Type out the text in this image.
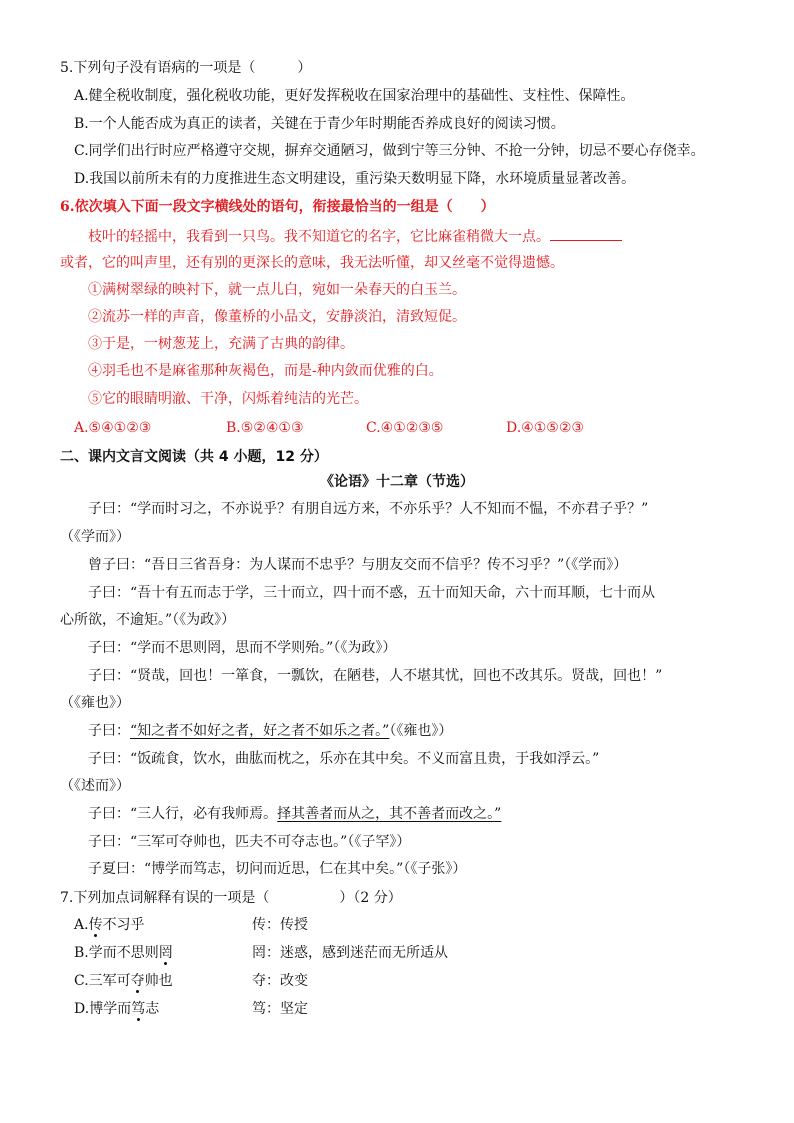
5.下列句子没有语病的一项是（　　　）
A.健全税收制度，强化税收功能，更好发挥税收在国家治理中的基础性、支柱性、保障性。
B.一个人能否成为真正的读者，关键在于青少年时期能否养成良好的阅读习惯。
C.同学们出行时应严格遵守交规，摒弃交通陋习，做到宁等三分钟、不抢一分钟，切忌不要心存侥幸。
D.我国以前所未有的力度推进生态文明建设，重污染天数明显下降，水环境质量显著改善。
6.依次填入下面一段文字横线处的语句，衔接最恰当的一组是（　　）
枝叶的轻摇中，我看到一只鸟。我不知道它的名字，它比麻雀稍微大一点。
或者，它的叫声里，还有别的更深长的意味，我无法听懂，却又丝毫不觉得遗憾。
①满树翠绿的映衬下，就一点儿白，宛如一朵春天的白玉兰。
②流苏一样的声音，像董桥的小品文，安静淡泊，清致短促。
③于是，一树葱茏上，充满了古典的韵律。
④羽毛也不是麻雀那种灰褐色，而是-种内敛而优雅的白。
⑤它的眼睛明澈、干净，闪烁着纯洁的光芒。
A.⑤④①②③	B.⑤②④①③	C.④①②③⑤	D.④①⑤②③
二、课内文言文阅读（共 4 小题，12 分）
《论语》十二章（节选）
子曰：“学而时习之，不亦说乎？有朋自远方来，不亦乐乎？人不知而不愠，不亦君子乎？”
（《学而》）
曾子曰：“吾日三省吾身：为人谋而不忠乎？与朋友交而不信乎？传不习乎？”（《学而》）
子曰：“吾十有五而志于学，三十而立，四十而不惑，五十而知天命，六十而耳顺，七十而从
心所欲，不逾矩。”（《为政》）
子曰：“学而不思则罔，思而不学则殆。”（《为政》）
子曰：“贤哉，回也！一箪食，一瓢饮，在陋巷，人不堪其忧，回也不改其乐。贤哉，回也！”
（《雍也》）
子曰：“知之者不如好之者，好之者不如乐之者。”（《雍也》）
子曰：“饭疏食，饮水，曲肱而枕之，乐亦在其中矣。不义而富且贵，于我如浮云。”
（《述而》）
子曰：“三人行，必有我师焉。择其善者而从之，其不善者而改之。”
子曰：“三军可夺帅也，匹夫不可夺志也。”（《子罕》）
子夏曰：“博学而笃志，切问而近思，仁在其中矣。”（《子张》）
7.下列加点词解释有误的一项是（　　　　　）（2 分）
A.传不习乎	传：传授
B.学而不思则罔	罔：迷惑，感到迷茫而无所适从
C.三军可夺帅也	夺：改变
D.博学而笃志	笃：坚定
